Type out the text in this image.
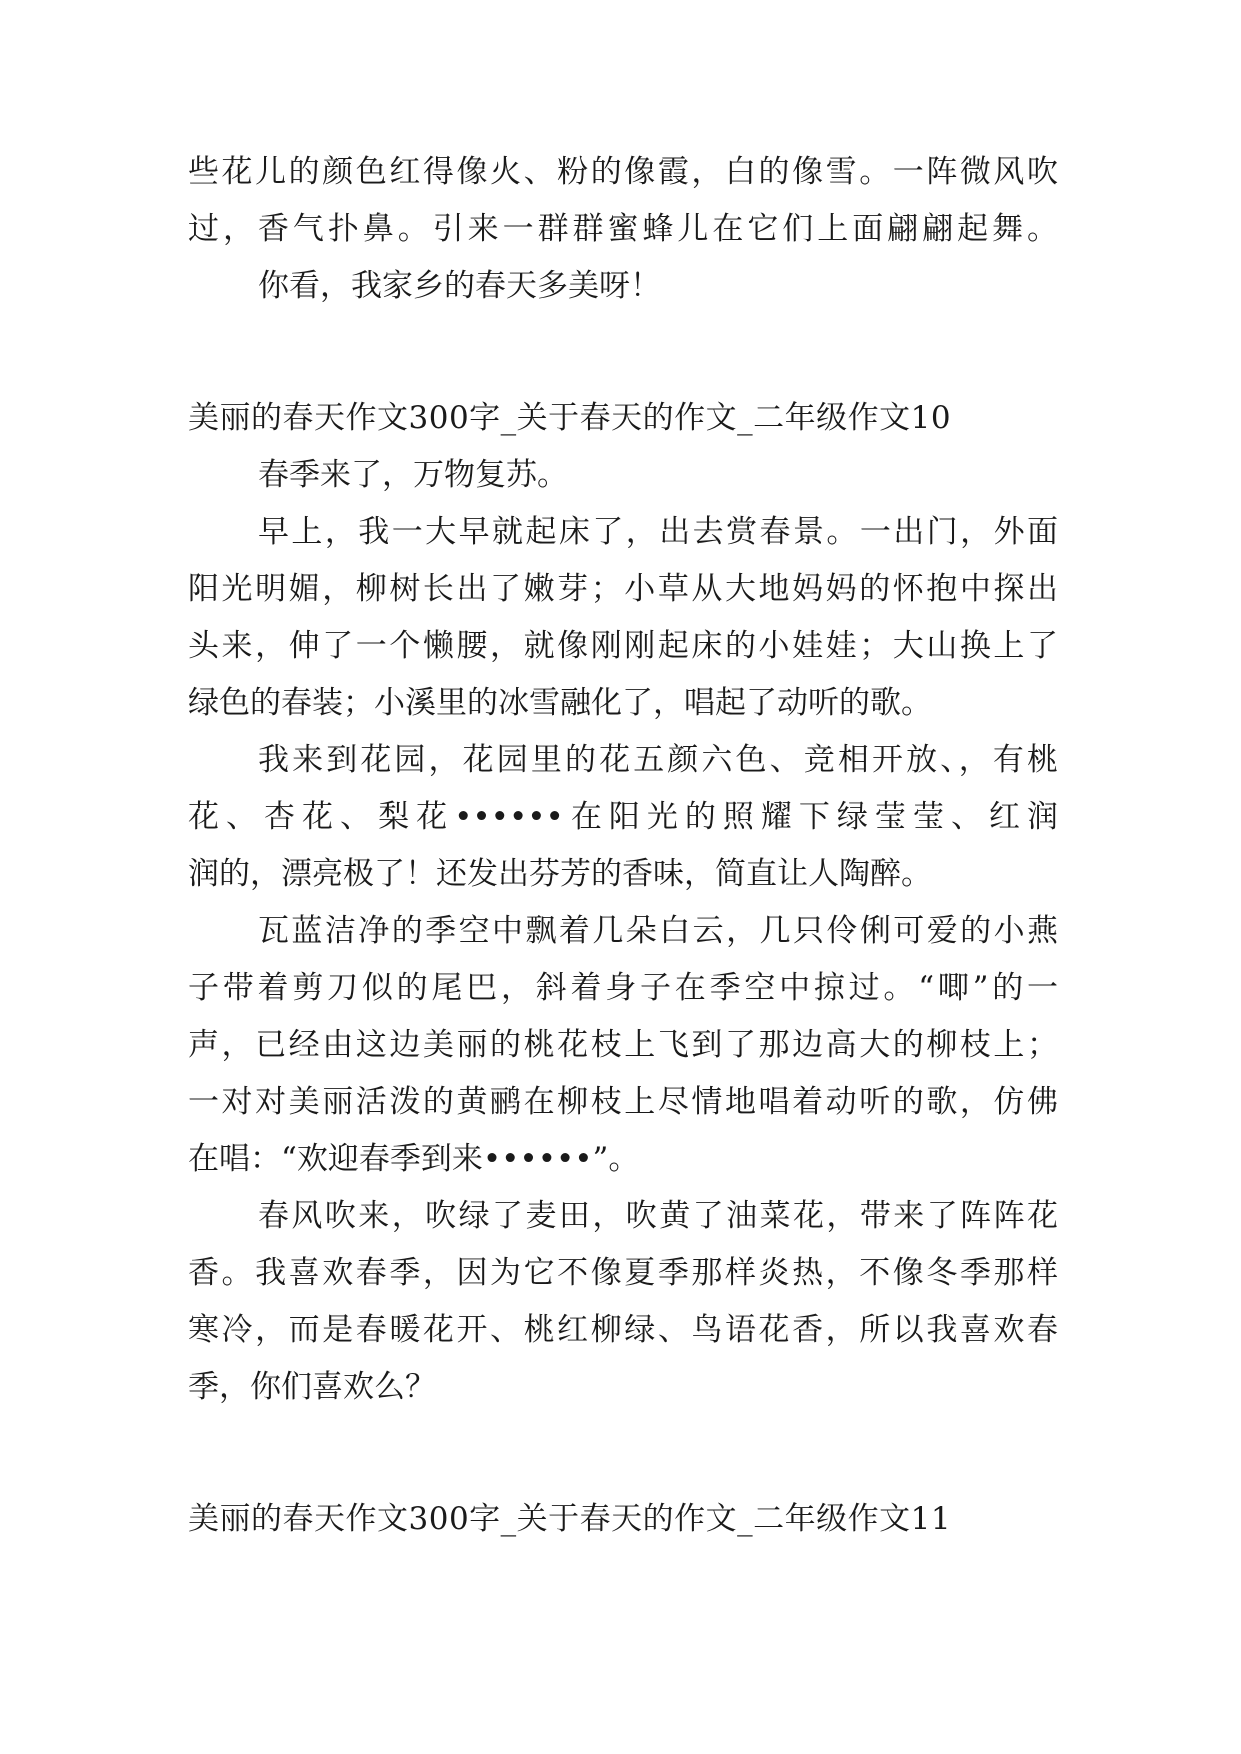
些花儿的颜色红得像火、粉的像霞，白的像雪。一阵微风吹
过，香气扑鼻。引来一群群蜜蜂儿在它们上面翩翩起舞。
你看，我家乡的春天多美呀！
美丽的春天作文300字_关于春天的作文_二年级作文10
春季来了，万物复苏。
早上，我一大早就起床了，出去赏春景。一出门，外面
阳光明媚，柳树长出了嫩芽；小草从大地妈妈的怀抱中探出
头来，伸了一个懒腰，就像刚刚起床的小娃娃；大山换上了
绿色的春装；小溪里的冰雪融化了，唱起了动听的歌。
我来到花园，花园里的花五颜六色、竞相开放、，有桃
花、杏花、梨花••••••在阳光的照耀下绿莹莹、红润
润的，漂亮极了！还发出芬芳的香味，简直让人陶醉。
瓦蓝洁净的季空中飘着几朵白云，几只伶俐可爱的小燕
子带着剪刀似的尾巴，斜着身子在季空中掠过。“唧”的一
声，已经由这边美丽的桃花枝上飞到了那边高大的柳枝上；
一对对美丽活泼的黄鹂在柳枝上尽情地唱着动听的歌，仿佛
在唱：“欢迎春季到来••••••”。
春风吹来，吹绿了麦田，吹黄了油菜花，带来了阵阵花
香。我喜欢春季，因为它不像夏季那样炎热，不像冬季那样
寒冷，而是春暖花开、桃红柳绿、鸟语花香，所以我喜欢春
季，你们喜欢么？
美丽的春天作文300字_关于春天的作文_二年级作文11
